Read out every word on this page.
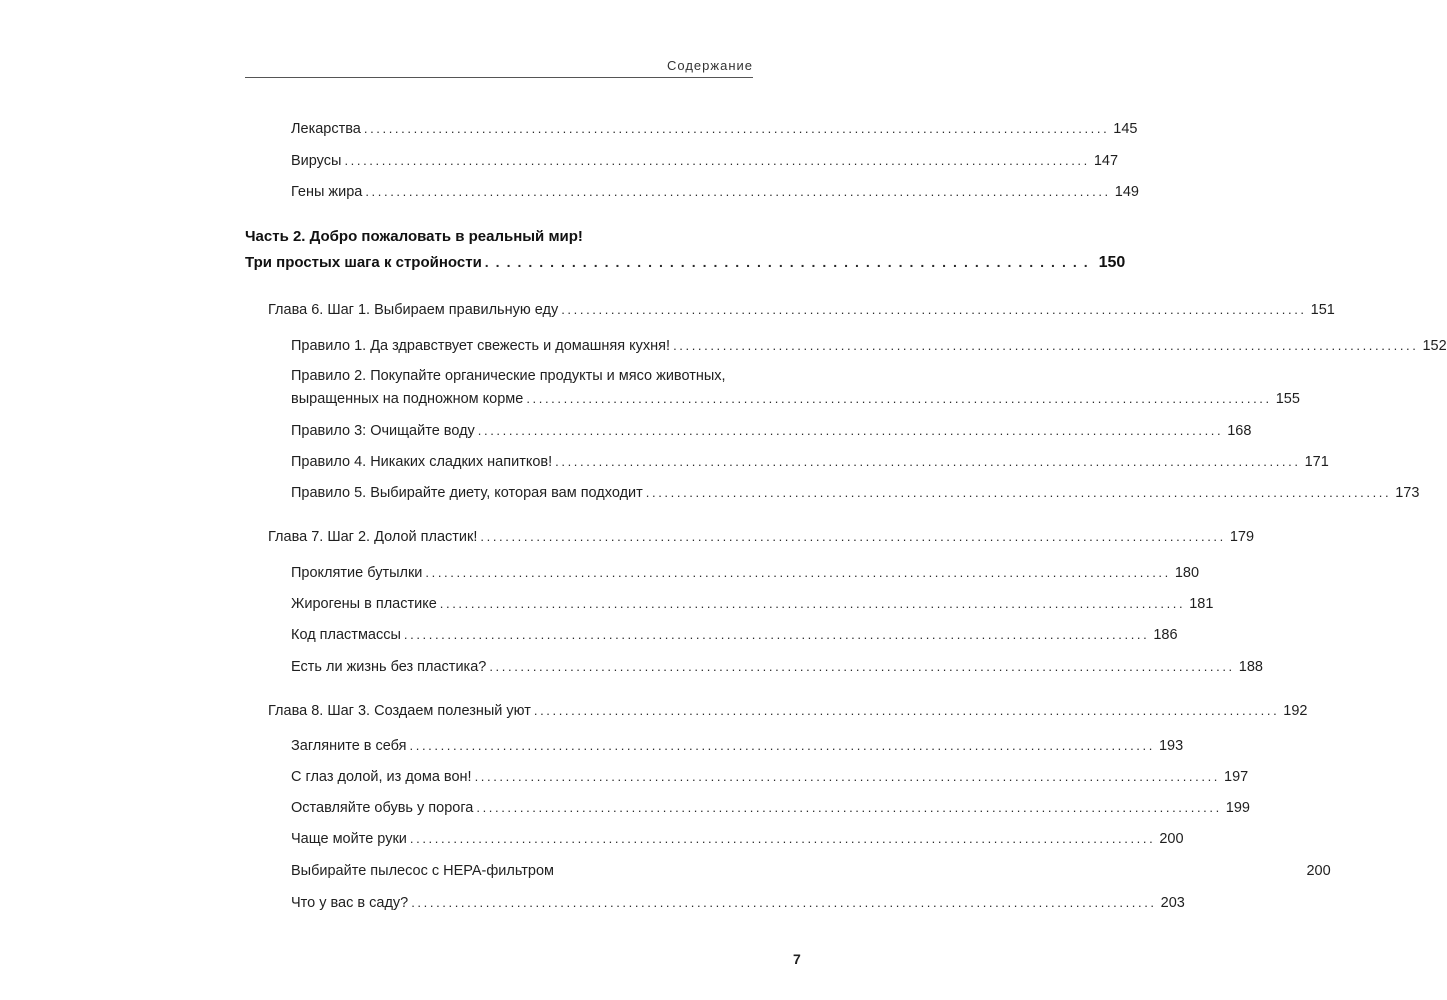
Содержание
Лекарства ........................................................................................................................ 145
Вирусы ........................................................................................................................ 147
Гены жира ........................................................................................................................ 149
Часть 2. Добро пожаловать в реальный мир!
Три простых шага к стройности ........................................................ 150
Глава 6. Шаг 1. Выбираем правильную еду ........................................................................................................................ 151
Правило 1. Да здравствует свежесть и домашняя кухня! ........................................................................................................................ 152
Правило 2. Покупайте органические продукты и мясо животных,
выращенных на подножном корме ........................................................................................................................ 155
Правило 3: Очищайте воду ........................................................................................................................ 168
Правило 4. Никаких сладких напитков! ........................................................................................................................ 171
Правило 5. Выбирайте диету, которая вам подходит ........................................................................................................................ 173
Глава 7. Шаг 2. Долой пластик! ........................................................................................................................ 179
Проклятие бутылки ........................................................................................................................ 180
Жирогены в пластике ........................................................................................................................ 181
Код пластмассы ........................................................................................................................ 186
Есть ли жизнь без пластика? ........................................................................................................................ 188
Глава 8. Шаг 3. Создаем полезный уют ........................................................................................................................ 192
Загляните в себя ........................................................................................................................ 193
С глаз долой, из дома вон! ........................................................................................................................ 197
Оставляйте обувь у порога ........................................................................................................................ 199
Чаще мойте руки ........................................................................................................................ 200
Выбирайте пылесос с HEPA-фильтром	200
Что у вас в саду? ........................................................................................................................ 203
7
